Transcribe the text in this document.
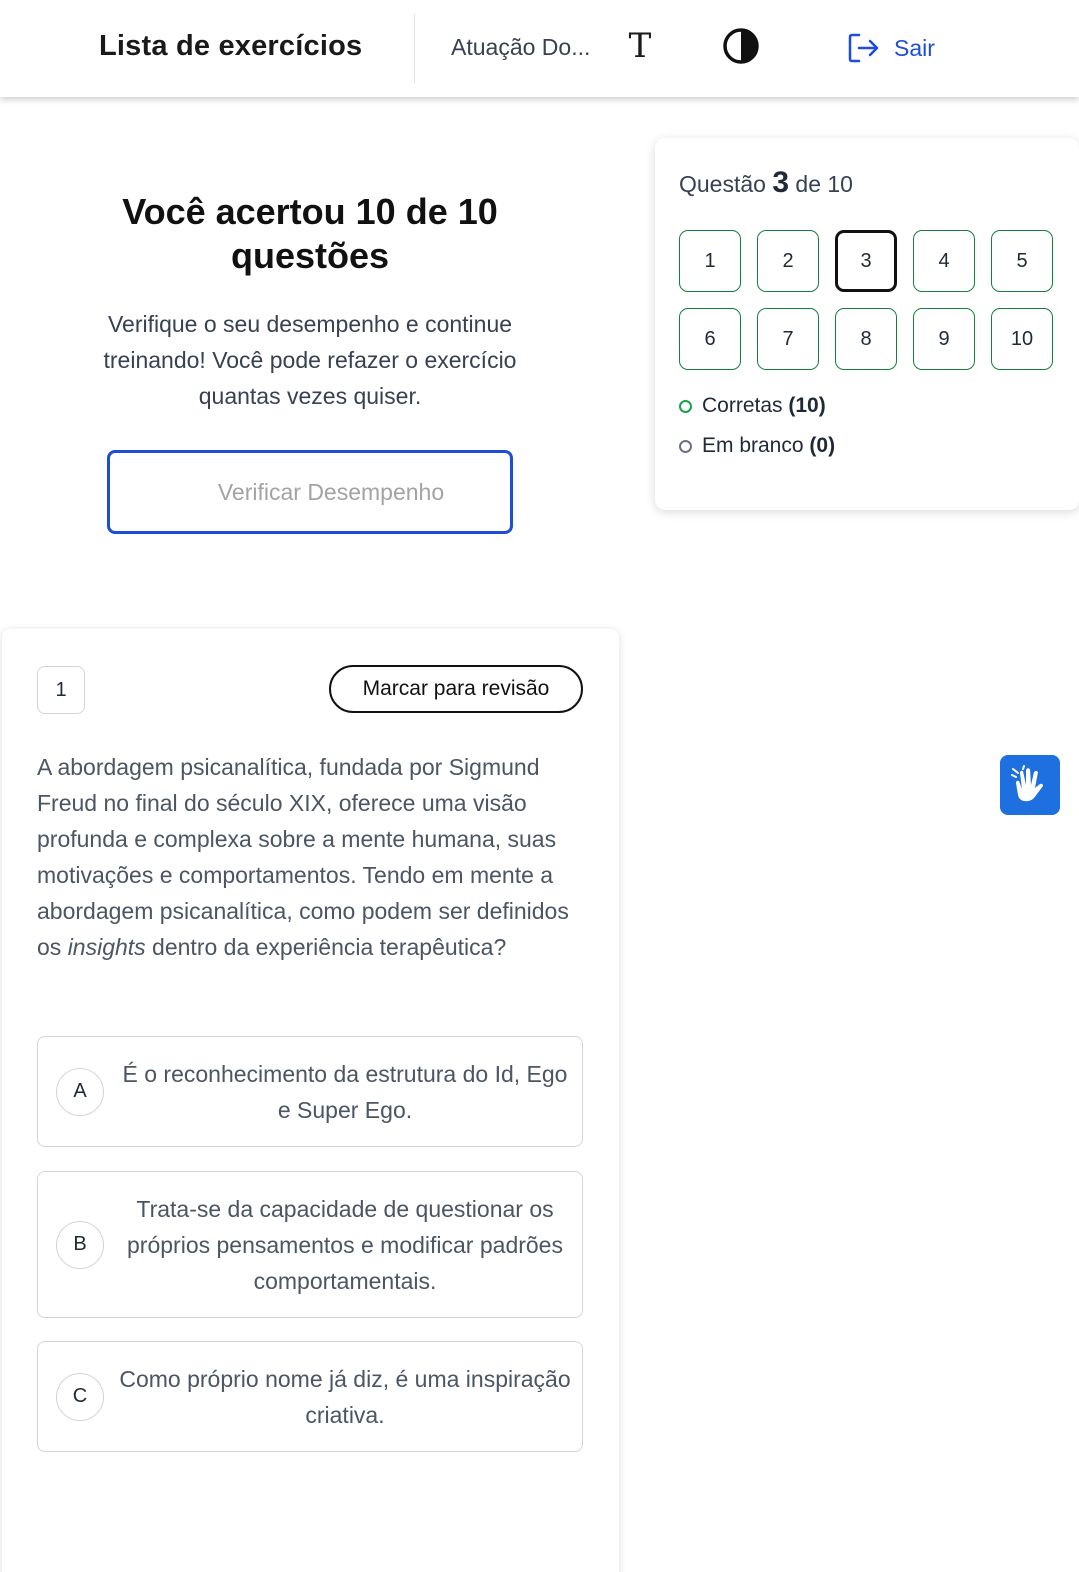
Lista de exercícios	Atuação Do... T	Sair
Você acertou 10 de 10 questões
Verifique o seu desempenho e continue treinando! Você pode refazer o exercício quantas vezes quiser.
Verificar Desempenho
Questão 3 de 10
1	2	3	4	5
6	7	8	9	10
Corretas (10)
Em branco (0)
1	Marcar para revisão
A abordagem psicanalítica, fundada por Sigmund Freud no final do século XIX, oferece uma visão profunda e complexa sobre a mente humana, suas motivações e comportamentos. Tendo em mente a abordagem psicanalítica, como podem ser definidos os insights dentro da experiência terapêutica?
A
É o reconhecimento da estrutura do Id, Ego e Super Ego.
B
Trata-se da capacidade de questionar os próprios pensamentos e modificar padrões comportamentais.
C
Como próprio nome já diz, é uma inspiração criativa.
